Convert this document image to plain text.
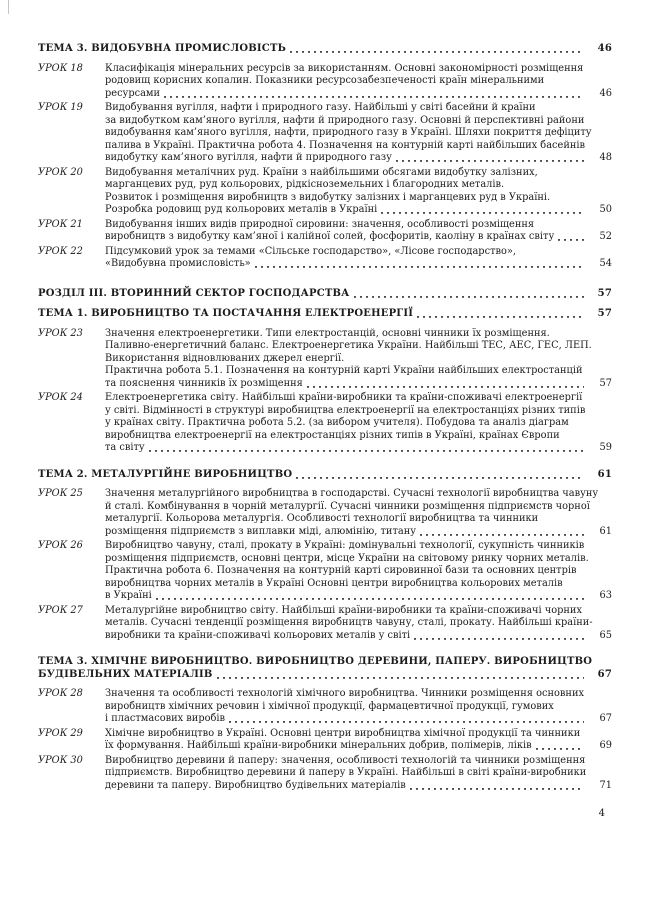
ТЕМА 3. ВИДОБУВНА ПРОМИСЛОВІСТЬ	46
УРОК 18	Класифікація мінеральних ресурсів за використанням. Основні закономірності розміщення
родовищ корисних копалин. Показники ресурсозабезпеченості країн мінеральними
ресурсами	46
УРОК 19	Видобування вугілля, нафти і природного газу. Найбільші у світі басейни й країни
за видобутком кам’яного вугілля, нафти й природного газу. Основні й перспективні райони
видобування кам’яного вугілля, нафти, природного газу в Україні. Шляхи покриття дефіциту
палива в Україні. Практична робота 4. Позначення на контурній карті найбільших басейнів
видобутку кам’яного вугілля, нафти й природного газу	48
УРОК 20	Видобування металічних руд. Країни з найбільшими обсягами видобутку залізних,
марганцевих руд, руд кольорових, рідкісноземельних і благородних металів.
Розвиток і розміщення виробництв з видобутку залізних і марганцевих руд в Україні.
Розробка родовищ руд кольорових металів в Україні	50
УРОК 21	Видобування інших видів природної сировини: значення, особливості розміщення
виробництв з видобутку кам’яної і калійної солей, фосфоритів, каоліну в країнах світу	52
УРОК 22	Підсумковий урок за темами «Сільське господарство», «Лісове господарство»,
«Видобувна промисловість»	54
РОЗДІЛ III. ВТОРИННИЙ СЕКТОР ГОСПОДАРСТВА	57
ТЕМА 1. ВИРОБНИЦТВО ТА ПОСТАЧАННЯ ЕЛЕКТРОЕНЕРГІЇ	57
УРОК 23	Значення електроенергетики. Типи електростанцій, основні чинники їх розміщення.
Паливно-енергетичний баланс. Електроенергетика України. Найбільші ТЕС, АЕС, ГЕС, ЛЕП.
Використання відновлюваних джерел енергії.
Практична робота 5.1. Позначення на контурній карті України найбільших електростанцій
та пояснення чинників їх розміщення	57
УРОК 24	Електроенергетика світу. Найбільші країни-виробники та країни-споживачі електроенергії
у світі. Відмінності в структурі виробництва електроенергії на електростанціях різних типів
у країнах світу. Практична робота 5.2. (за вибором учителя). Побудова та аналіз діаграм
виробництва електроенергії на електростанціях різних типів в Україні, країнах Європи
та світу	59
ТЕМА 2. МЕТАЛУРГІЙНЕ ВИРОБНИЦТВО	61
УРОК 25	Значення металургійного виробництва в господарстві. Сучасні технології виробництва чавуну
й сталі. Комбінування в чорній металургії. Сучасні чинники розміщення підприємств чорної
металургії. Кольорова металургія. Особливості технології виробництва та чинники
розміщення підприємств з виплавки міді, алюмінію, титану	61
УРОК 26	Виробництво чавуну, сталі, прокату в Україні: домінувальні технології, сукупність чинників
розміщення підприємств, основні центри, місце України на світовому ринку чорних металів.
Практична робота 6. Позначення на контурній карті сировинної бази та основних центрів
виробництва чорних металів в Україні Основні центри виробництва кольорових металів
в Україні	63
УРОК 27	Металургійне виробництво світу. Найбільші країни-виробники та країни-споживачі чорних
металів. Сучасні тенденції розміщення виробництв чавуну, сталі, прокату. Найбільші країни-
виробники та країни-споживачі кольорових металів у світі	65
ТЕМА 3. ХІМІЧНЕ ВИРОБНИЦТВО. ВИРОБНИЦТВО ДЕРЕВИНИ, ПАПЕРУ. ВИРОБНИЦТВО
БУДІВЕЛЬНИХ МАТЕРІАЛІВ	67
УРОК 28	Значення та особливості технологій хімічного виробництва. Чинники розміщення основних
виробництв хімічних речовин і хімічної продукції, фармацевтичної продукції, гумових
і пластмасових виробів	67
УРОК 29	Хімічне виробництво в Україні. Основні центри виробництва хімічної продукції та чинники
їх формування. Найбільші країни-виробники мінеральних добрив, полімерів, ліків	69
УРОК 30	Виробництво деревини й паперу: значення, особливості технологій та чинники розміщення
підприємств. Виробництво деревини й паперу в Україні. Найбільші в світі країни-виробники
деревини та паперу. Виробництво будівельних матеріалів	71
4
